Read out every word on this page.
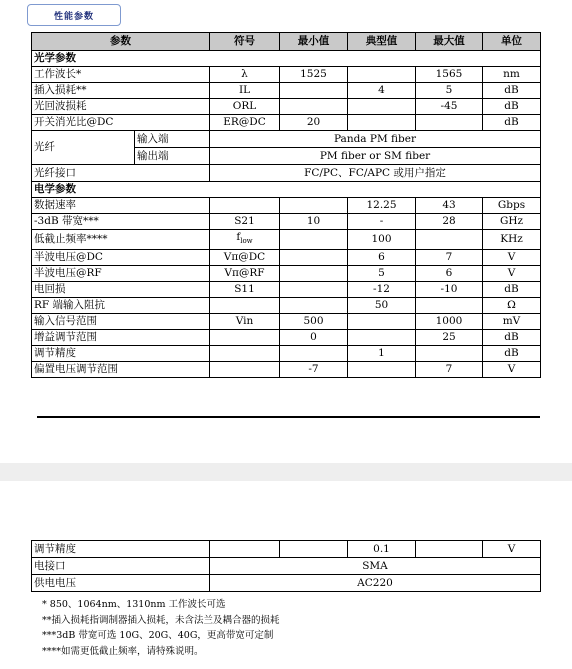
性能参数
参数		符号	最小值	典型值	最大值	单位
光学参数						
工作波长*		λ	1525		1565	nm
插入损耗**		IL		4	5	dB
光回波损耗		ORL			-45	dB
开关消光比@DC		ER@DC	20			dB
光纤	输入端	Panda PM fiber				
	输出端	PM fiber or SM fiber				
光纤接口		FC/PC、FC/APC 或用户指定				
电学参数						
数据速率				12.25	43	Gbps
-3dB 带宽***		S21	10	-	28	GHz
低截止频率****		$f_{low}$		100		KHz
半波电压@DC		Vπ@DC		6	7	V
半波电压@RF		Vπ@RF		5	6	V
电回损		S11		-12	-10	dB
RF 端输入阻抗				50		Ω
输入信号范围		Vin	500		1000	mV
增益调节范围			0		25	dB
调节精度				1		dB
偏置电压调节范围			-7		7	V
调节精度			0.1		V
电接口	SMA				
供电电压	AC220				
* 850、1064nm、1310nm 工作波长可选
**插入损耗指调制器插入损耗，未含法兰及耦合器的损耗
***3dB 带宽可选 10G、20G、40G，更高带宽可定制
****如需更低截止频率，请特殊说明。
